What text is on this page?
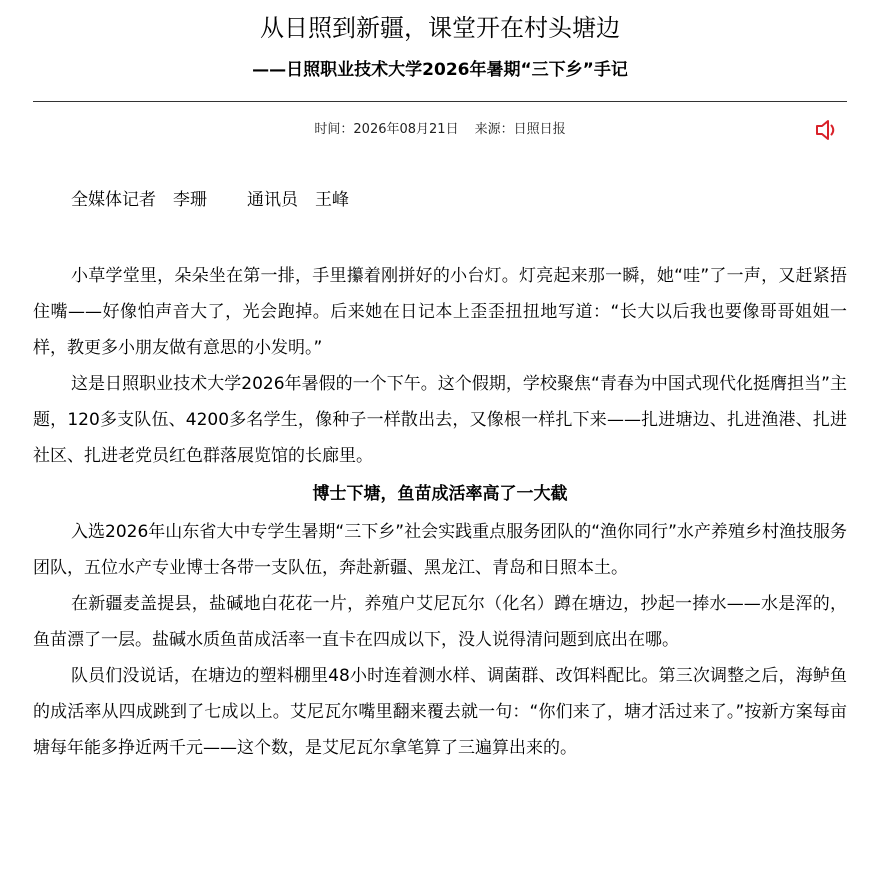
从日照到新疆，课堂开在村头塘边
——日照职业技术大学2026年暑期“三下乡”手记
时间：2026年08月21日 来源：日照日报
全媒体记者　李珊 通讯员　王峰

小草学堂里，朵朵坐在第一排，手里攥着刚拼好的小台灯。灯亮起来那一瞬，她“哇”了一声，又赶紧捂住嘴——好像怕声音大了，光会跑掉。后来她在日记本上歪歪扭扭地写道：“长大以后我也要像哥哥姐姐一样，教更多小朋友做有意思的小发明。”

这是日照职业技术大学2026年暑假的一个下午。这个假期，学校聚焦“青春为中国式现代化挺膺担当”主题，120多支队伍、4200多名学生，像种子一样散出去，又像根一样扎下来——扎进塘边、扎进渔港、扎进社区、扎进老党员红色群落展览馆的长廊里。

博士下塘，鱼苗成活率高了一大截

入选2026年山东省大中专学生暑期“三下乡”社会实践重点服务团队的“渔你同行”水产养殖乡村渔技服务团队，五位水产专业博士各带一支队伍，奔赴新疆、黑龙江、青岛和日照本土。

在新疆麦盖提县，盐碱地白花花一片，养殖户艾尼瓦尔（化名）蹲在塘边，抄起一捧水——水是浑的，鱼苗漂了一层。盐碱水质鱼苗成活率一直卡在四成以下，没人说得清问题到底出在哪。

队员们没说话，在塘边的塑料棚里48小时连着测水样、调菌群、改饵料配比。第三次调整之后，海鲈鱼的成活率从四成跳到了七成以上。艾尼瓦尔嘴里翻来覆去就一句：“你们来了，塘才活过来了。”按新方案每亩塘每年能多挣近两千元——这个数，是艾尼瓦尔拿笔算了三遍算出来的。
